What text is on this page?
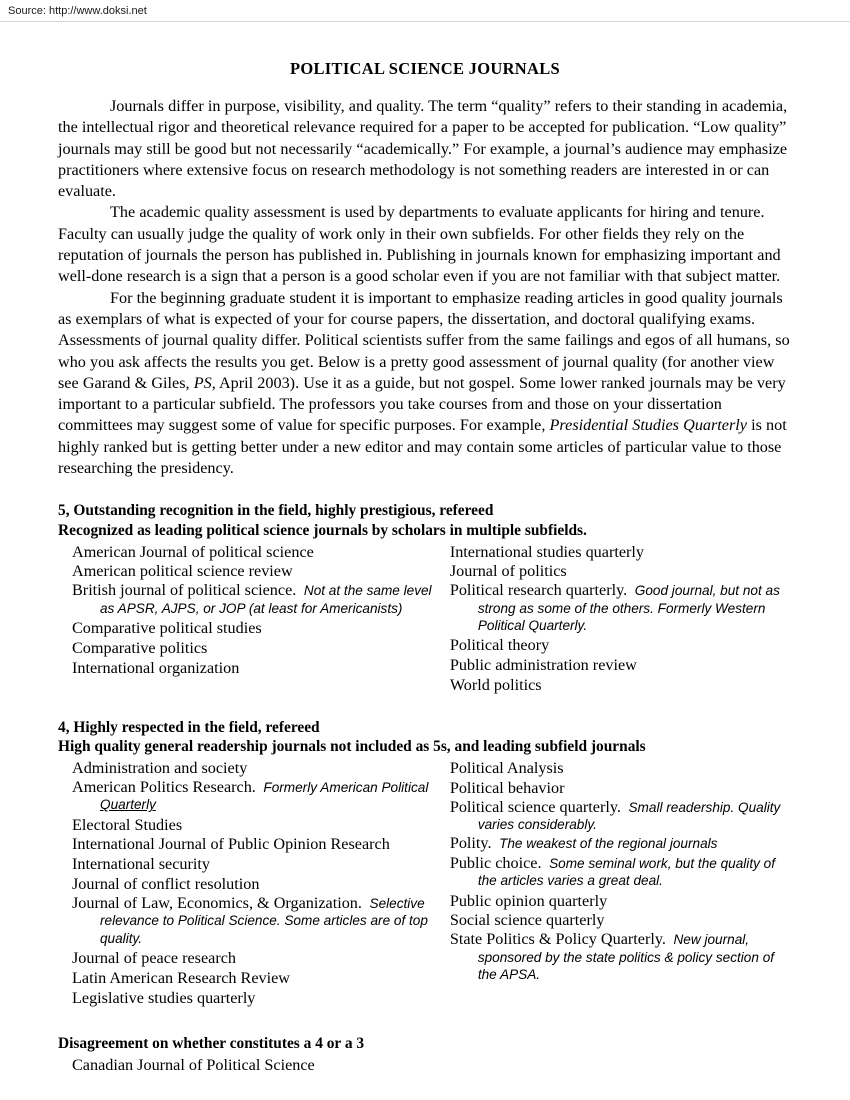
Source: http://www.doksi.net
POLITICAL SCIENCE JOURNALS

Journals differ in purpose, visibility, and quality. The term “quality” refers to their standing in academia, the intellectual rigor and theoretical relevance required for a paper to be accepted for publication. “Low quality” journals may still be good but not necessarily “academically.” For example, a journal’s audience may emphasize practitioners where extensive focus on research methodology is not something readers are interested in or can evaluate.

The academic quality assessment is used by departments to evaluate applicants for hiring and tenure. Faculty can usually judge the quality of work only in their own subfields. For other fields they rely on the reputation of journals the person has published in. Publishing in journals known for emphasizing important and well-done research is a sign that a person is a good scholar even if you are not familiar with that subject matter.

For the beginning graduate student it is important to emphasize reading articles in good quality journals as exemplars of what is expected of your for course papers, the dissertation, and doctoral qualifying exams. Assessments of journal quality differ. Political scientists suffer from the same failings and egos of all humans, so who you ask affects the results you get. Below is a pretty good assessment of journal quality (for another view see Garand & Giles, PS, April 2003). Use it as a guide, but not gospel. Some lower ranked journals may be very important to a particular subfield. The professors you take courses from and those on your dissertation committees may suggest some of value for specific purposes. For example, Presidential Studies Quarterly is not highly ranked but is getting better under a new editor and may contain some articles of particular value to those researching the presidency.

5, Outstanding recognition in the field, highly prestigious, refereed
Recognized as leading political science journals by scholars in multiple subfields.
American Journal of political science
American political science review
British journal of political science.  Not at the same level as APSR, AJPS, or JOP (at least for Americanists)
Comparative political studies
Comparative politics
International organization
International studies quarterly
Journal of politics
Political research quarterly.  Good journal, but not as strong as some of the others. Formerly Western Political Quarterly.
Political theory
Public administration review
World politics
4, Highly respected in the field, refereed
High quality general readership journals not included as 5s, and leading subfield journals
Administration and society
American Politics Research.  Formerly American Political Quarterly
Electoral Studies
International Journal of Public Opinion Research
International security
Journal of conflict resolution
Journal of Law, Economics, & Organization.  Selective relevance to Political Science. Some articles are of top quality.
Journal of peace research
Latin American Research Review
Legislative studies quarterly
Political Analysis
Political behavior
Political science quarterly.  Small readership. Quality varies considerably.
Polity.  The weakest of the regional journals
Public choice.  Some seminal work, but the quality of the articles varies a great deal.
Public opinion quarterly
Social science quarterly
State Politics & Policy Quarterly.  New journal, sponsored by the state politics & policy section of the APSA.
Disagreement on whether constitutes a 4 or a 3
Canadian Journal of Political Science
